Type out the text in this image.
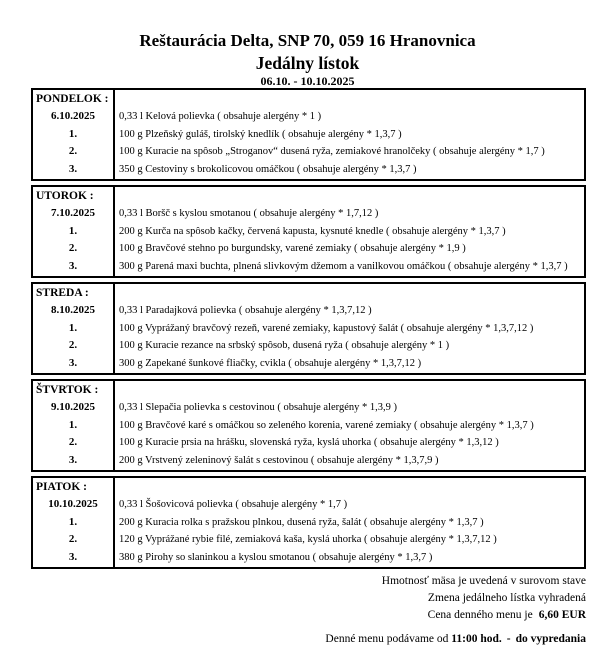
Reštaurácia Delta, SNP 70, 059 16 Hranovnica
Jedálny lístok
06.10. - 10.10.2025
PONDELOK :
6.10.2025
1.
2.
3.
0,33 l Kelová polievka ( obsahuje alergény * 1 )
100 g Plzeňský guláš, tirolský knedlík ( obsahuje alergény * 1,3,7 )
100 g Kuracie na spôsob „Stroganov“ dusená ryža, zemiakové hranolčeky ( obsahuje alergény * 1,7 )
350 g Cestoviny s brokolicovou omáčkou ( obsahuje alergény * 1,3,7 )
UTOROK :
7.10.2025
1.
2.
3.
0,33 l Boršč s kyslou smotanou ( obsahuje alergény * 1,7,12 )
200 g Kurča na spôsob kačky, červená kapusta, kysnuté knedle ( obsahuje alergény * 1,3,7 )
100 g Bravčové stehno po burgundsky, varené zemiaky ( obsahuje alergény * 1,9 )
300 g Parená maxi buchta, plnená slivkovým džemom a vanilkovou omáčkou ( obsahuje alergény * 1,3,7 )
STREDA :
8.10.2025
1.
2.
3.
0,33 l Paradajková polievka ( obsahuje alergény * 1,3,7,12 )
100 g Vyprážaný bravčový rezeň, varené zemiaky, kapustový šalát ( obsahuje alergény * 1,3,7,12 )
100 g Kuracie rezance na srbský spôsob, dusená ryža ( obsahuje alergény * 1 )
300 g Zapekané šunkové fliačky, cvikla ( obsahuje alergény * 1,3,7,12 )
ŠTVRTOK :
9.10.2025
1.
2.
3.
0,33 l Slepačia polievka s cestovinou ( obsahuje alergény * 1,3,9 )
100 g Bravčové karé s omáčkou so zeleného korenia, varené zemiaky ( obsahuje alergény * 1,3,7 )
100 g Kuracie prsia na hrášku, slovenská ryža, kyslá uhorka ( obsahuje alergény * 1,3,12 )
200 g Vrstvený zeleninový šalát s cestovinou ( obsahuje alergény * 1,3,7,9 )
PIATOK :
10.10.2025
1.
2.
3.
0,33 l Šošovicová polievka ( obsahuje alergény * 1,7 )
200 g Kuracia rolka s pražskou plnkou, dusená ryža, šalát ( obsahuje alergény * 1,3,7 )
120 g Vyprážané rybie filé, zemiaková kaša, kyslá uhorka ( obsahuje alergény * 1,3,7,12 )
380 g Pirohy so slaninkou a kyslou smotanou ( obsahuje alergény * 1,3,7 )
Hmotnosť mäsa je uvedená v surovom stave
Zmena jedálneho lístka vyhradená
Cena denného menu je 6,60 EUR
Denné menu podávame od 11:00 hod. - do vypredania
